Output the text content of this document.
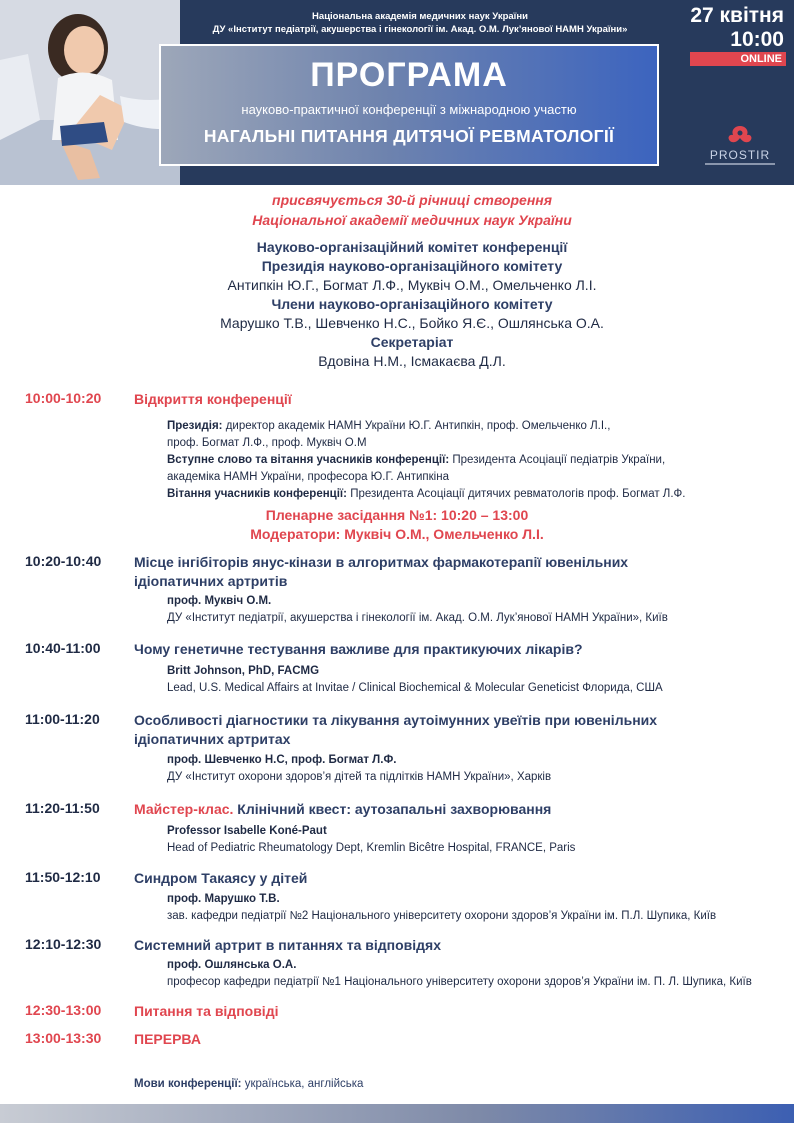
Національна академія медичних наук України
ДУ «Інститут педіатрії, акушерства і гінекології ім. Акад. О.М. Лук’янової НАМН України»
ПРОГРАМА
науково-практичної конференції з міжнародною участю
НАГАЛЬНІ ПИТАННЯ ДИТЯЧОЇ РЕВМАТОЛОГІЇ
27 квітня
10:00
ONLINE
PROSTIR
присвячується 30-й річниці створення
Національної академії медичних наук України
Науково-організаційний комітет конференції
Президія науково-організаційного комітету
Антипкін Ю.Г., Богмат Л.Ф., Муквіч О.М., Омельченко Л.І.
Члени науково-організаційного комітету
Марушко Т.В., Шевченко Н.С., Бойко Я.Є., Ошлянська О.А.
Секретаріат
Вдовіна Н.М., Ісмакаєва Д.Л.
10:00-10:20 Відкриття конференції
Президія: директор академік НАМН України Ю.Г. Антипкін, проф. Омельченко Л.І.,
проф. Богмат Л.Ф., проф. Муквіч О.М
Вступне слово та вітання учасників конференції: Президента Асоціації педіатрів України,
академіка НАМН України, професора Ю.Г. Антипкіна
Вітання учасників конференції: Президента Асоціації дитячих ревматологів проф. Богмат Л.Ф.
Пленарне засідання №1: 10:20 – 13:00
Модератори: Муквіч О.М., Омельченко Л.І.
10:20-10:40 Місце інгібіторів янус-кінази в алгоритмах фармакотерапії ювенільних ідіопатичних артритів
проф. Муквіч О.М.
ДУ «Інститут педіатрії, акушерства і гінекології ім. Акад. О.М. Лук’янової НАМН України», Київ
10:40-11:00 Чому генетичне тестування важливе для практикуючих лікарів?
Britt Johnson, PhD, FACMG
Lead, U.S. Medical Affairs at Invitae / Clinical Biochemical & Molecular Geneticist Флорида, США
11:00-11:20 Особливості діагностики та лікування аутоімунних увеїтів при ювенільних ідіопатичних артритах
проф. Шевченко Н.С, проф. Богмат Л.Ф.
ДУ «Інститут охорони здоров’я дітей та підлітків НАМН України», Харків
11:20-11:50 Майстер-клас. Клінічний квест: аутозапальні захворювання
Professor Isabelle Koné-Paut
Head of Pediatric Rheumatology Dept, Kremlin Bicêtre Hospital, FRANCE, Paris
11:50-12:10 Синдром Такаясу у дітей
проф. Марушко Т.В.
зав. кафедри педіатрії №2 Національного університету охорони здоров’я України ім. П.Л. Шупика, Київ
12:10-12:30 Системний артрит в питаннях та відповідях
проф. Ошлянська О.А.
професор кафедри педіатрії №1 Національного університету охорони здоров’я України ім. П. Л. Шупика, Київ
12:30-13:00 Питання та відповіді
13:00-13:30 ПЕРЕРВА
Мови конференції: українська, англійська
